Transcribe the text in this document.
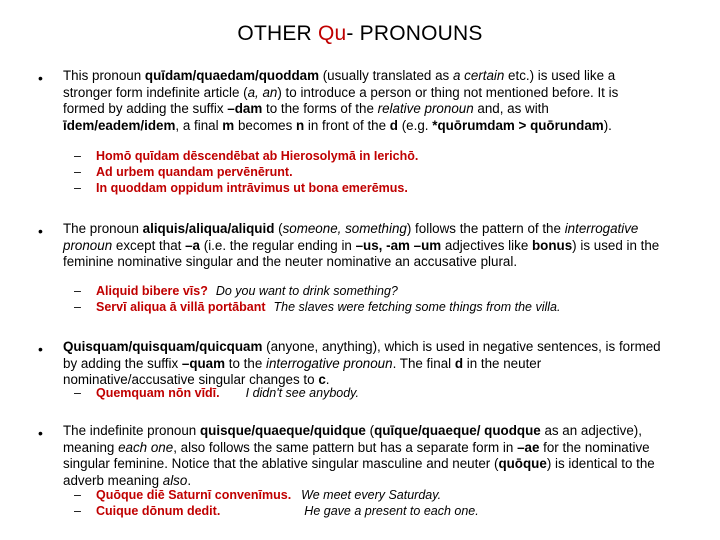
OTHER Qu- PRONOUNS
• This pronoun quīdam/quaedam/quoddam (usually translated as a certain etc.) is used like a stronger form indefinite article (a, an) to introduce a person or thing not mentioned before. It is formed by adding the suffix –dam to the forms of the relative pronoun and, as with īdem/eadem/idem, a final m becomes n in front of the d (e.g. *quōrumdam > quōrundam).
– Homō quīdam dēscendēbat ab Hierosolymā in Ierichō.
– Ad urbem quandam pervēnērunt.
– In quoddam oppidum intrāvimus ut bona emerēmus.
• The pronoun aliquis/aliqua/aliquid (someone, something) follows the pattern of the interrogative pronoun except that –a (i.e. the regular ending in –us, -am –um adjectives like bonus) is used in the feminine nominative singular and the neuter nominative an accusative plural.
– Aliquid bibere vīs? Do you want to drink something?
– Servī aliqua ā villā portābant The slaves were fetching some things from the villa.
• Quisquam/quisquam/quicquam (anyone, anything), which is used in negative sentences, is formed by adding the suffix –quam to the interrogative pronoun. The final d in the neuter nominative/accusative singular changes to c.
– Quemquam nōn vīdī. I didn't see anybody.
• The indefinite pronoun quisque/quaeque/quidque (quīque/quaeque/ quodque as an adjective), meaning each one, also follows the same pattern but has a separate form in –ae for the nominative singular feminine. Notice that the ablative singular masculine and neuter (quōque) is identical to the adverb meaning also.
– Quōque diē Saturnī convenīmus. We meet every Saturday.
– Cuique dōnum dedit.	He gave a present to each one.
